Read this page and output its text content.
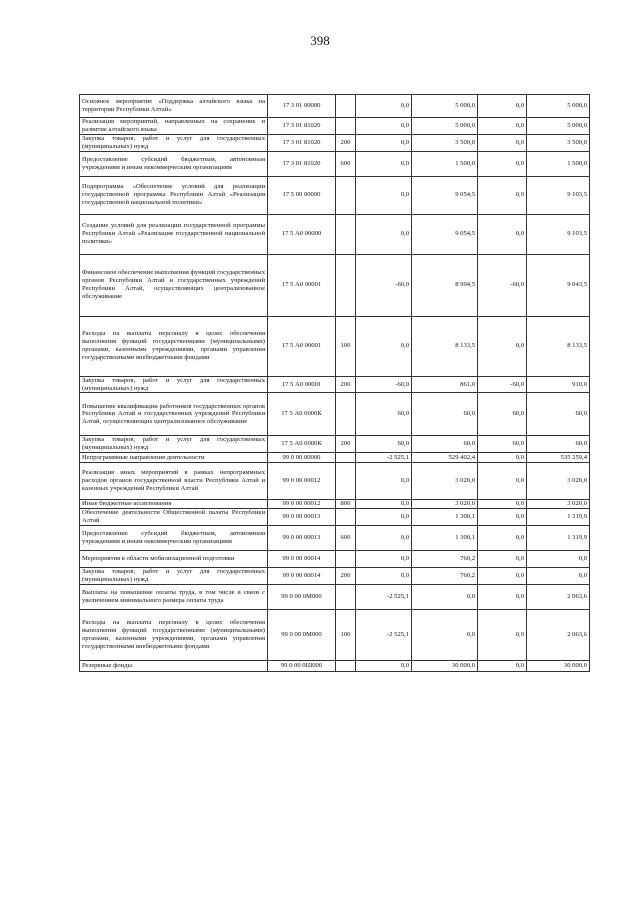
398
Основное мероприятие «Поддержка алтайского языка на территории Республики Алтай»	17 3 01 00000		0,0	5 000,0	0,0	5 000,0
Реализация мероприятий, направленных на сохранение и развитие алтайского языка	17 3 01 81020		0,0	5 000,0	0,0	5 000,0
Закупка товаров, работ и услуг для государственных (муниципальных) нужд	17 3 01 81020	200	0,0	3 500,0	0,0	3 500,0
Предоставление субсидий бюджетным, автономным учреждениям и иным некоммерческим организациям	17 3 01 81020	600	0,0	1 500,0	0,0	1 500,0
Подпрограмма «Обеспечение условий для реализации государственной программы Республики Алтай «Реализация государственной национальной политики»	17 5 00 00000		0,0	9 054,5	0,0	9 103,5
Создание условий для реализации государственной программы Республики Алтай «Реализация государственной национальной политики»	17 5 А0 00000		0,0	9 054,5	0,0	9 103,5
Финансовое обеспечение выполнения функций государственных органов Республики Алтай и государственных учреждений Республики Алтай, осуществляющих централизованное обслуживание	17 5 А0 00001		-60,0	8 994,5	-60,0	9 043,5
Расходы на выплаты персоналу в целях обеспечения выполнения функций государственными (муниципальными) органами, казенными учреждениями, органами управления государственными внебюджетными фондами	17 5 А0 00001	100	0,0	8 133,5	0,0	8 133,5
Закупка товаров, работ и услуг для государственных (муниципальных) нужд	17 5 А0 00001	200	-60,0	861,0	-60,0	910,0
Повышение квалификации работников государственных органов Республики Алтай и государственных учреждений Республики Алтай, осуществляющих централизованное обслуживание	17 5 А0 0000К		60,0	60,0	60,0	60,0
Закупка товаров, работ и услуг для государственных (муниципальных) нужд	17 5 А0 0000К	200	60,0	60,0	60,0	60,0
Непрограммные направления деятельности	99 0 00 00000		-2 525,1	529 402,4	0,0	535 259,4
Реализация иных мероприятий в рамках непрограммных расходов органов государственной власти Республики Алтай и казенных учреждений Республики Алтай	99 0 00 00012		0,0	3 020,0	0,0	3 020,0
Иные бюджетные ассигнования	99 0 00 00012	800	0,0	3 020,0	0,0	3 020,0
Обеспечение деятельности Общественной палаты Республики Алтай	99 0 00 00013		0,0	1 300,1	0,0	1 319,9
Предоставление субсидий бюджетным, автономным учреждениям и иным некоммерческим организациям	99 0 00 00013	600	0,0	1 300,1	0,0	1 319,9
Мероприятия в области мобилизационной подготовки	99 0 00 00014		0,0	760,2	0,0	0,0
Закупка товаров, работ и услуг для государственных (муниципальных) нужд	99 0 00 00014	200	0,0	760,2	0,0	0,0
Выплаты на повышение оплаты труда, в том числе в связи с увеличением минимального размера оплаты труда	99 0 00 0М000		-2 525,1	0,0	0,0	2 063,6
Расходы на выплаты персоналу в целях обеспечения выполнения функций государственными (муниципальными) органами, казенными учреждениями, органами управления государственными внебюджетными фондами	99 0 00 0М000	100	-2 525,1	0,0	0,0	2 063,6
Резервные фонды	99 0 00 0Ш000		0,0	30 000,0	0,0	30 000,0
